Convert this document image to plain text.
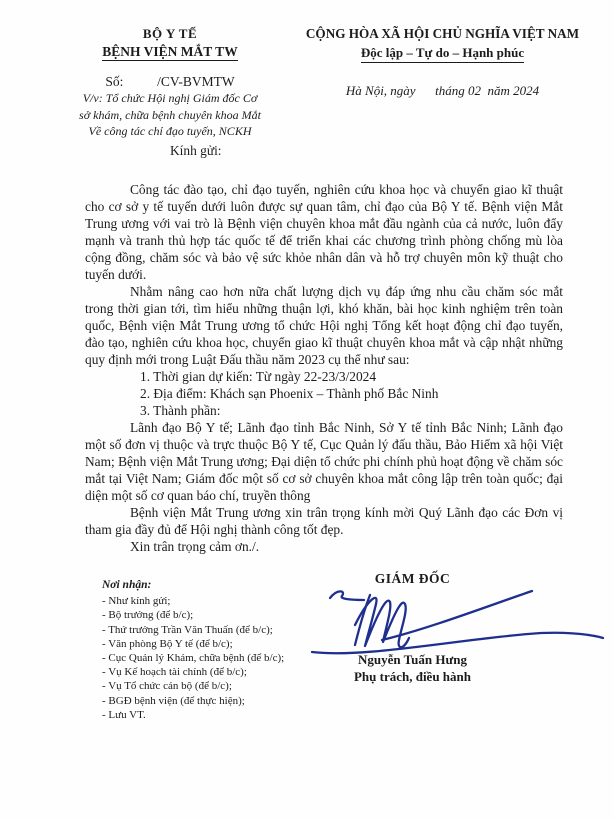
BỘ Y TẾ
BỆNH VIỆN MẮT TW
Số:          /CV-BVMTW
V/v: Tổ chức Hội nghị Giám đốc Cơ
sở khám, chữa bệnh chuyên khoa Mắt
Về công tác chỉ đạo tuyến, NCKH
CỘNG HÒA XÃ HỘI CHỦ NGHĨA VIỆT NAM
Độc lập – Tự do – Hạnh phúc
Hà Nội, ngày      tháng 02  năm 2024
Kính gửi:

Công tác đào tạo, chỉ đạo tuyến, nghiên cứu khoa học và chuyển giao kĩ thuật cho cơ sở y tế tuyến dưới luôn được sự quan tâm, chỉ đạo của Bộ Y tế. Bệnh viện Mắt Trung ương với vai trò là Bệnh viện chuyên khoa mắt đầu ngành của cả nước, luôn đẩy mạnh và tranh thủ hợp tác quốc tế để triển khai các chương trình phòng chống mù lòa cộng đồng, chăm sóc và bảo vệ sức khỏe nhân dân và hỗ trợ chuyên môn kỹ thuật cho tuyến dưới.

Nhằm nâng cao hơn nữa chất lượng dịch vụ đáp ứng nhu cầu chăm sóc mắt trong thời gian tới, tìm hiểu những thuận lợi, khó khăn, bài học kinh nghiệm trên toàn quốc, Bệnh viện Mắt Trung ương tổ chức Hội nghị Tổng kết hoạt động chỉ đạo tuyến, đào tạo, nghiên cứu khoa học, chuyển giao kĩ thuật chuyên khoa mắt và cập nhật những quy định mới trong Luật Đấu thầu năm 2023 cụ thể như sau:

1. Thời gian dự kiến: Từ ngày 22-23/3/2024
2. Địa điểm: Khách sạn Phoenix – Thành phố Bắc Ninh
3. Thành phần:

Lãnh đạo Bộ Y tế; Lãnh đạo tỉnh Bắc Ninh, Sở Y tế tỉnh Bắc Ninh; Lãnh đạo một số đơn vị thuộc và trực thuộc Bộ Y tế, Cục Quản lý đấu thầu, Bảo Hiểm xã hội Việt Nam; Bệnh viện Mắt Trung ương; Đại diện tổ chức phi chính phủ hoạt động về chăm sóc mắt tại Việt Nam; Giám đốc một số cơ sở chuyên khoa mắt công lập trên toàn quốc; đại diện một số cơ quan báo chí, truyền thông

Bệnh viện Mắt Trung ương xin trân trọng kính mời Quý Lãnh đạo các Đơn vị tham gia đầy đủ để Hội nghị thành công tốt đẹp.

Xin trân trọng cảm ơn./.

Nơi nhận:
- Như kính gửi;
- Bộ trưởng (để b/c);
- Thứ trưởng Trần Văn Thuấn (để b/c);
- Văn phòng Bộ Y tế (để b/c);
- Cục Quản lý Khám, chữa bệnh (để b/c);
- Vụ Kế hoạch tài chính (để b/c);
- Vụ Tổ chức cán bộ (để b/c);
- BGĐ bệnh viện (để thực hiện);
- Lưu VT.
GIÁM ĐỐC
Nguyễn Tuấn Hưng
Phụ trách, điều hành
